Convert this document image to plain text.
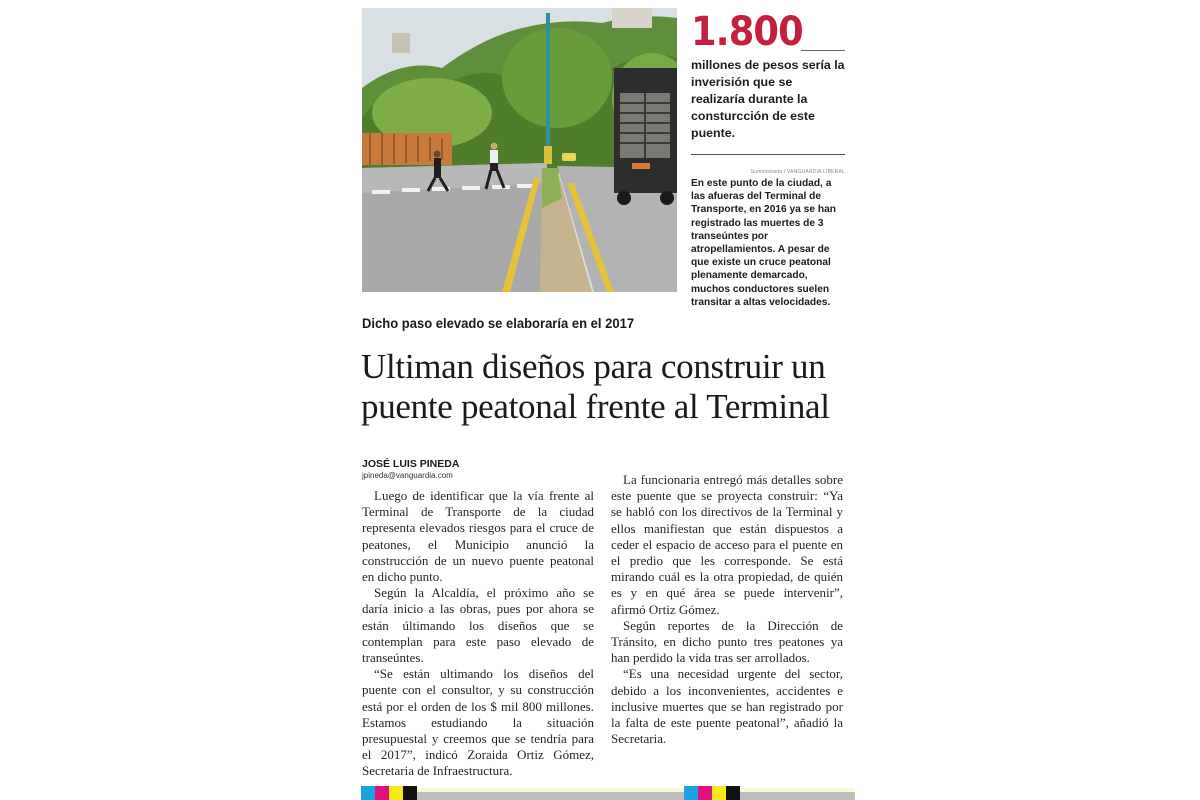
1.800
millones de pesos sería la inverisión que se realizaría durante la consturcción de este puente.
Suministrada / VANGUARDIA LIBERAL
En este punto de la ciudad, a las afueras del Terminal de Transporte, en 2016 ya se han registrado las muertes de 3 transeúntes por atropellamientos. A pesar de que existe un cruce peatonal plenamente demarcado, muchos conductores suelen transitar a altas velocidades.
Dicho paso elevado se elaboraría en el 2017
Ultiman diseños para construir un puente peatonal frente al Terminal
JOSÉ LUIS PINEDA
jpineda@vanguardia.com

Luego de identificar que la vía frente al Terminal de Transporte de la ciudad representa elevados riesgos para el cruce de peatones, el Municipio anunció la construcción de un nuevo puente peatonal en dicho punto.

Según la Alcaldía, el próximo año se daría inicio a las obras, pues por ahora se están últimando los diseños que se contemplan para este paso elevado de transeúntes.

“Se están ultimando los diseños del puente con el consultor, y su construcción está por el orden de los $ mil 800 millones. Estamos estudiando la situación presupuestal y creemos que se tendría para el 2017”, indicó Zoraida Ortiz Gómez, Secretaria de Infraestructura.

La funcionaria entregó más detalles sobre este puente que se proyecta construir: “Ya se habló con los directivos de la Terminal y ellos manifiestan que están dispuestos a ceder el espacio de acceso para el puente en el predio que les corresponde. Se está mirando cuál es la otra propiedad, de quién es y en qué área se puede intervenir”, afirmó Ortiz Gómez.

Según reportes de la Dirección de Tránsito, en dicho punto tres peatones ya han perdido la vida tras ser arrollados.

“Es una necesidad urgente del sector, debido a los inconvenientes, accidentes e inclusive muertes que se han registrado por la falta de este puente peatonal”, añadió la Secretaria.
